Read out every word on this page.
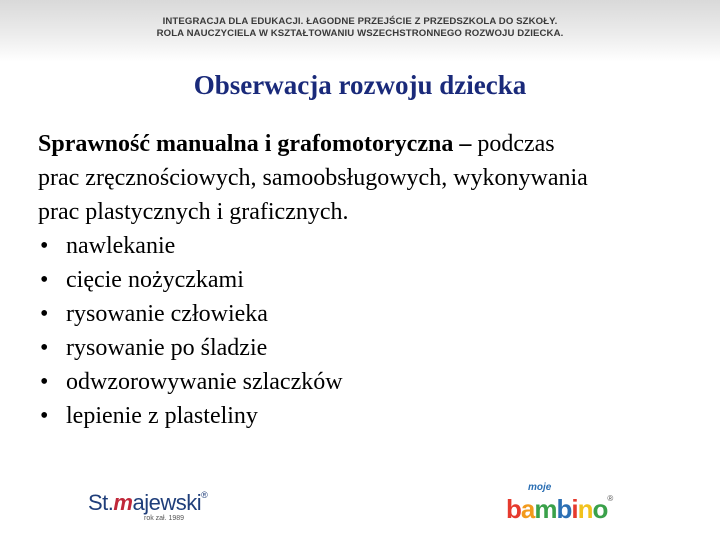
INTEGRACJA DLA EDUKACJI. ŁAGODNE PRZEJŚCIE Z PRZEDSZKOLA DO SZKOŁY.
ROLA NAUCZYCIELA W KSZTAŁTOWANIU WSZECHSTRONNEGO ROZWOJU DZIECKA.
Obserwacja rozwoju dziecka

Sprawność manualna i grafomotoryczna – podczas
prac zręcznościowych, samoobsługowych, wykonywania
prac plastycznych i graficznych.

• nawlekanie
• cięcie nożyczkami
• rysowanie człowieka
• rysowanie po śladzie
• odwzorowywanie szlaczków
• lepienie z plasteliny
St.majewski®
rok zał. 1989
moje
bambino®
